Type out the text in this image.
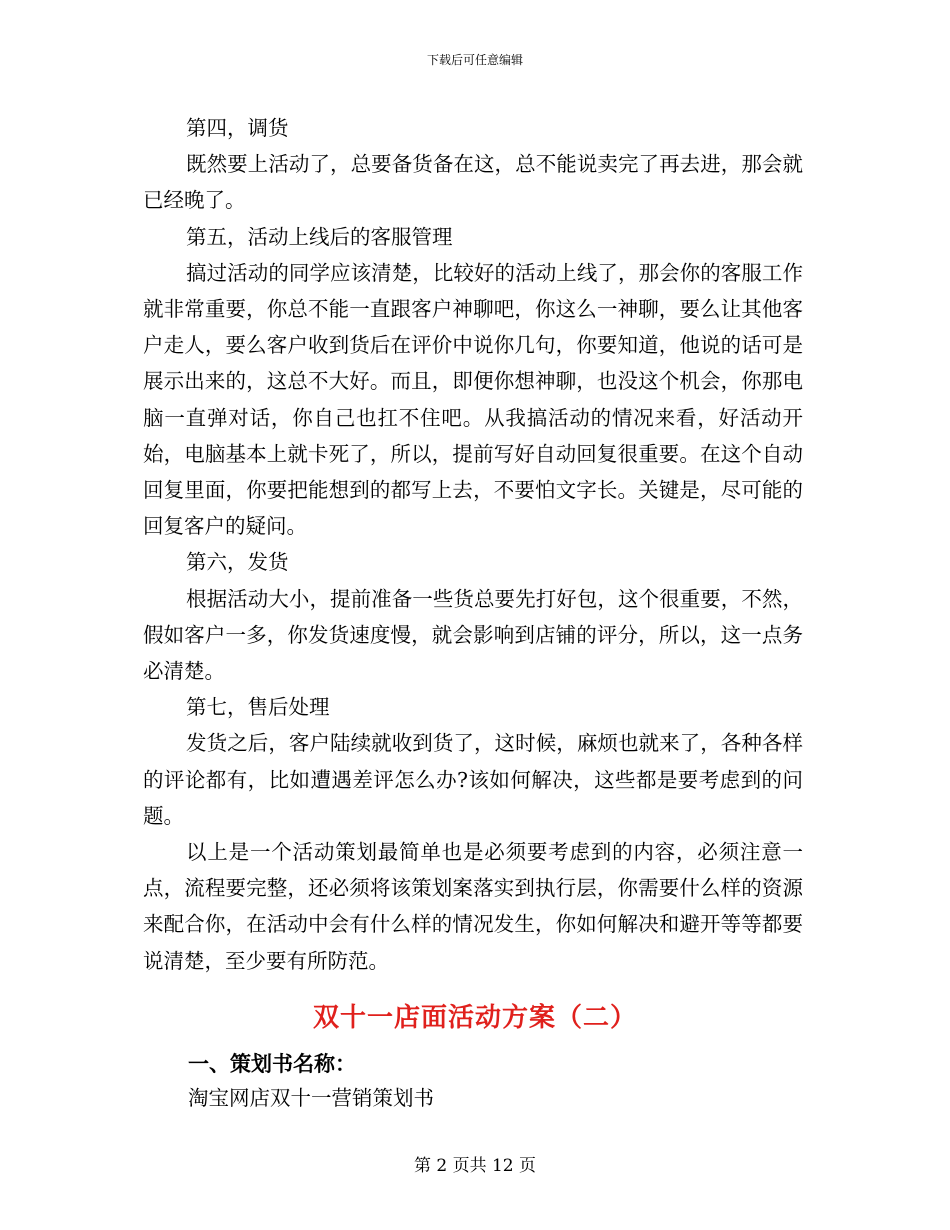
下载后可任意编辑

第四，调货

既然要上活动了，总要备货备在这，总不能说卖完了再去进，那会就已经晚了。

第五，活动上线后的客服管理

搞过活动的同学应该清楚，比较好的活动上线了，那会你的客服工作就非常重要，你总不能一直跟客户神聊吧，你这么一神聊，要么让其他客户走人，要么客户收到货后在评价中说你几句，你要知道，他说的话可是展示出来的，这总不大好。而且，即便你想神聊，也没这个机会，你那电脑一直弹对话，你自己也扛不住吧。从我搞活动的情况来看，好活动开始，电脑基本上就卡死了，所以，提前写好自动回复很重要。在这个自动回复里面，你要把能想到的都写上去，不要怕文字长。关键是，尽可能的回复客户的疑问。

第六，发货

根据活动大小，提前准备一些货总要先打好包，这个很重要，不然，假如客户一多，你发货速度慢，就会影响到店铺的评分，所以，这一点务必清楚。

第七，售后处理

发货之后，客户陆续就收到货了，这时候，麻烦也就来了，各种各样的评论都有，比如遭遇差评怎么办?该如何解决，这些都是要考虑到的问题。

以上是一个活动策划最简单也是必须要考虑到的内容，必须注意一点，流程要完整，还必须将该策划案落实到执行层，你需要什么样的资源来配合你，在活动中会有什么样的情况发生，你如何解决和避开等等都要说清楚，至少要有所防范。

双十一店面活动方案（二）
一、策划书名称：
淘宝网店双十一营销策划书
第 2 页共 12 页
